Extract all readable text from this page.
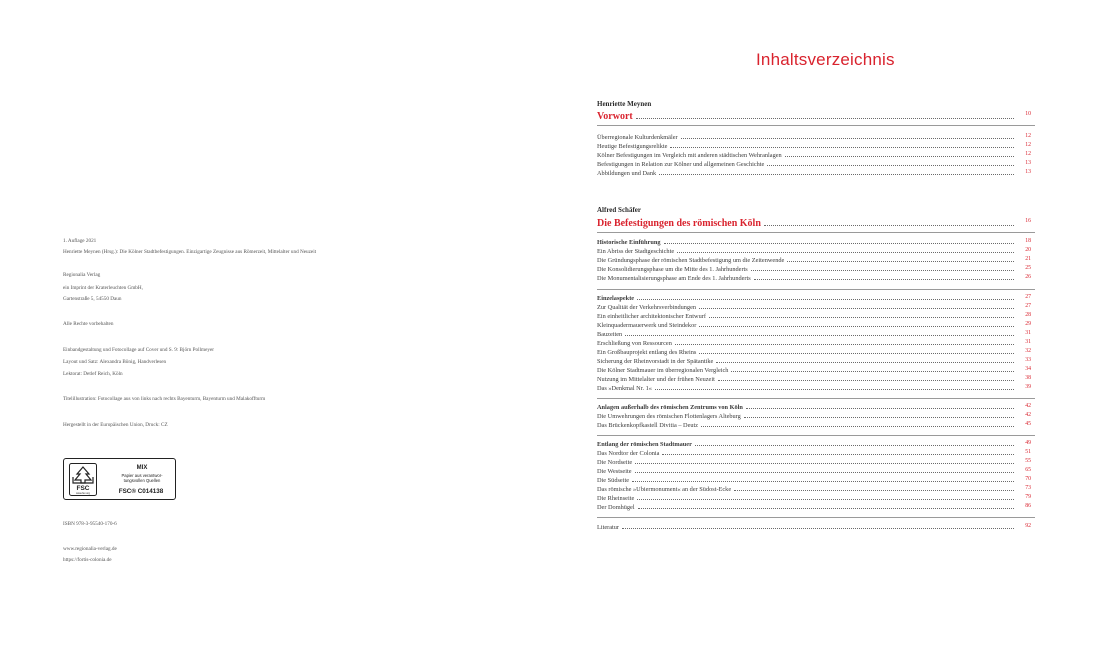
1. Auflage 2021
Henriette Meynen (Hrsg.): Die Kölner Stadtbefestigungen. Einzigartige Zeugnisse aus Römerzeit, Mittelalter und Neuzeit
Regionalia Verlag
ein Imprint der Kraterleuchten GmbH,
Gartenstraße 5, 54550 Daun
Alle Rechte vorbehalten
Einbandgestaltung und Fotocollage auf Cover und S. 9: Björn Pollmeyer
Layout und Satz: Alexandra Bönig, Handverlesen
Lektorat: Detlef Reich, Köln
Titelillustration: Fotocollage aus von links nach rechts Bayenturm, Bayenturm und Malakoffturm
Hergestellt in der Europäischen Union, Druck: CZ
ISBN 978-3-95540-170-6
www.regionalia-verlag.de
https://fortis-colonia.de
FSC
www.fsc.org
MIX
Papier aus verantwor-
tungsvollen Quellen
FSC® C014138
Inhaltsverzeichnis
Henriette Meynen
Vorwort	10
Überregionale Kulturdenkmäler	12
Heutige Befestigungsrelikte	12
Kölner Befestigungen im Vergleich mit anderen städtischen Wehranlagen	12
Befestigungen in Relation zur Kölner und allgemeinen Geschichte	13
Abbildungen und Dank	13
Alfred Schäfer
Die Befestigungen des römischen Köln	16
Historische Einführung	18
Ein Abriss der Stadtgeschichte	20
Die Gründungsphase der römischen Stadtbefestigung um die Zeitenwende	21
Die Konsolidierungsphase um die Mitte des 1. Jahrhunderts	25
Die Monumentalisierungsphase am Ende des 1. Jahrhunderts	26
Einzelaspekte	27
Zur Qualität der Verkehrsverbindungen	27
Ein einheitlicher architektonischer Entwurf	28
Kleinquadermauerwerk und Steindekor	29
Bauzeiten	31
Erschließung von Ressourcen	31
Ein Großbauprojekt entlang des Rheins	32
Sicherung der Rheinvorstadt in der Spätantike	33
Die Kölner Stadtmauer im überregionalen Vergleich	34
Nutzung im Mittelalter und der frühen Neuzeit	38
Das »Denkmal Nr. 1«	39
Anlagen außerhalb des römischen Zentrums von Köln	42
Die Umwehrungen des römischen Flottenlagers Alteburg	42
Das Brückenkopfkastell Divitia – Deutz	45
Entlang der römischen Stadtmauer	49
Das Nordtor der Colonia	51
Die Nordseite	55
Die Westseite	65
Die Südseite	70
Das römische »Ubiermonument« an der Südost-Ecke	73
Die Rheinseite	79
Der Domhügel	86
Literatur	92
